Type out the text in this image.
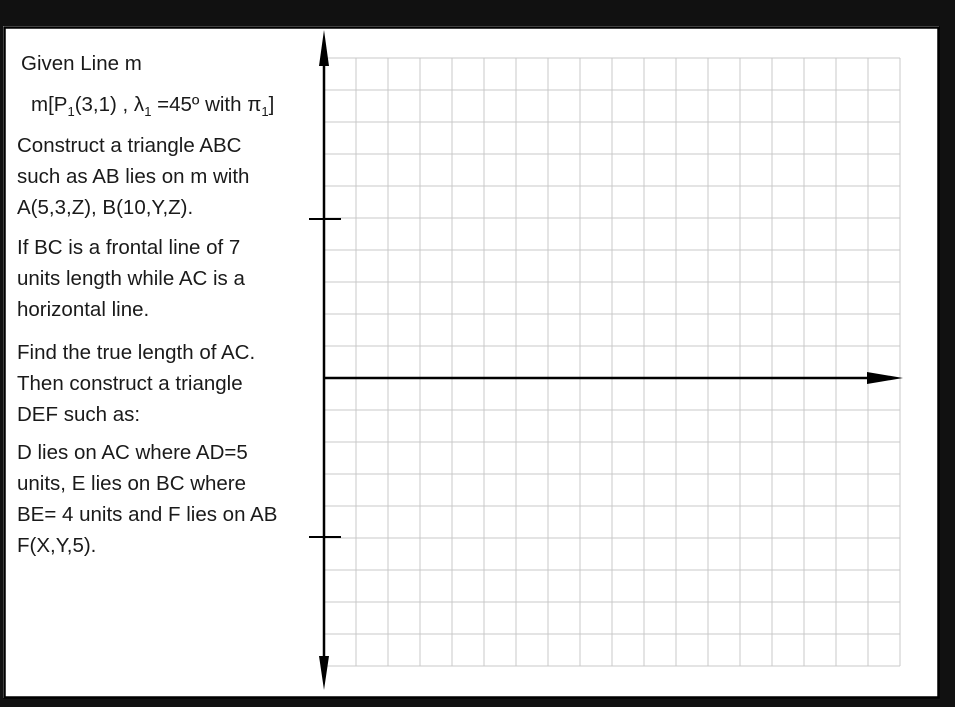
Given Line m
$m[P_1(3,1)$ , $\lambda_1$ =45º with $\pi_1$]
Construct a triangle ABC
such as AB lies on m with
A(5,3,Z), B(10,Y,Z).
If BC is a frontal line of 7
units length while AC is a
horizontal line.
Find the true length of AC.
Then construct a triangle
DEF such as:
D lies on AC where AD=5
units, E lies on BC where
BE= 4 units and F lies on AB
F(X,Y,5).
